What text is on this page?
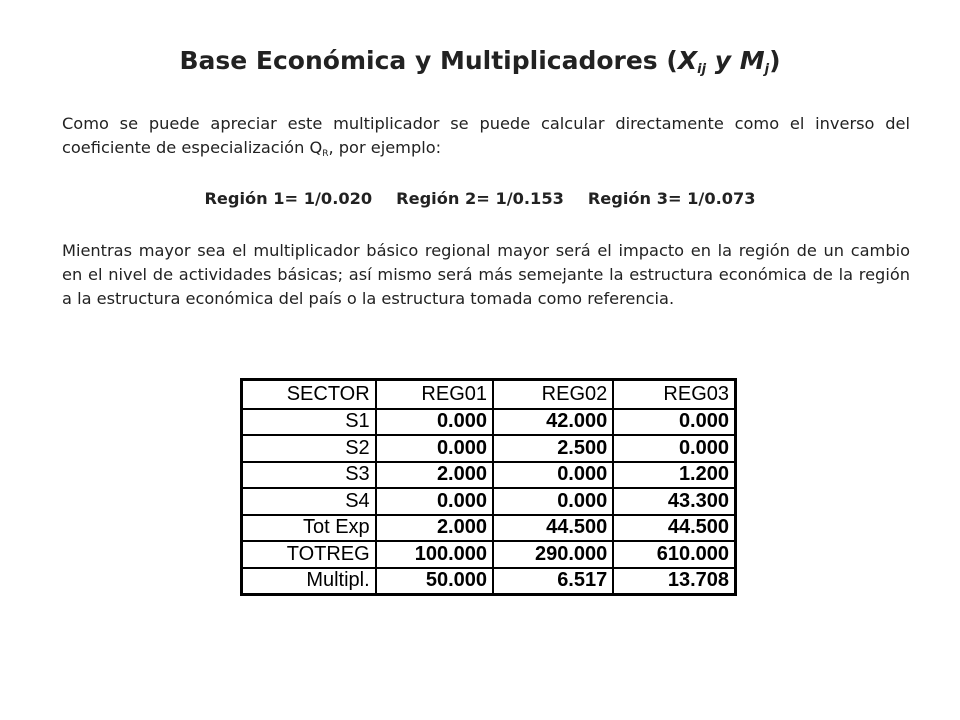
Base Económica y Multiplicadores ($X_{ij}$ y $M_j$)

Como se puede apreciar este multiplicador se puede calcular directamente como el inverso del coeficiente de especialización $Q_R$, por ejemplo:

Región 1= 1/0.020 Región 2= 1/0.153 Región 3= 1/0.073

Mientras mayor sea el multiplicador básico regional mayor será el impacto en la región de un cambio en el nivel de actividades básicas; así mismo será más semejante la estructura económica de la región a la estructura económica del país o la estructura tomada como referencia.

SECTOR	REG01	REG02	REG03
S1	0.000	42.000	0.000
S2	0.000	2.500	0.000
S3	2.000	0.000	1.200
S4	0.000	0.000	43.300
Tot Exp	2.000	44.500	44.500
TOTREG	100.000	290.000	610.000
Multipl.	50.000	6.517	13.708
